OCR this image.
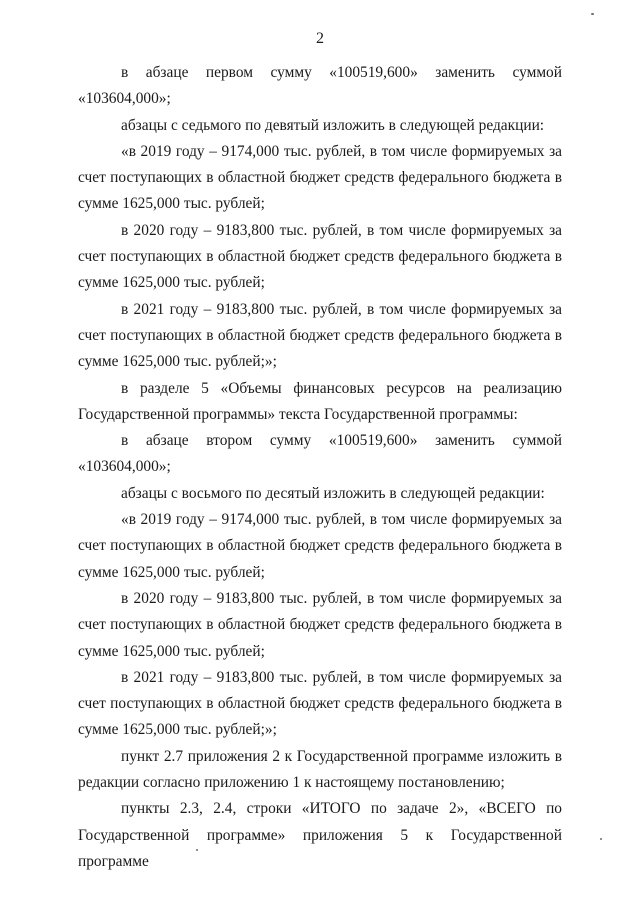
2

в абзаце первом сумму «100519,600» заменить суммой «103604,000»;

абзацы с седьмого по девятый изложить в следующей редакции:

«в 2019 году – 9174,000 тыс. рублей, в том числе формируемых за счет поступающих в областной бюджет средств федерального бюджета в сумме 1625,000 тыс. рублей;

в 2020 году – 9183,800 тыс. рублей, в том числе формируемых за счет поступающих в областной бюджет средств федерального бюджета в сумме 1625,000 тыс. рублей;

в 2021 году – 9183,800 тыс. рублей, в том числе формируемых за счет поступающих в областной бюджет средств федерального бюджета в сумме 1625,000 тыс. рублей;»;

в разделе 5 «Объемы финансовых ресурсов на реализацию Государственной программы» текста Государственной программы:

в абзаце втором сумму «100519,600» заменить суммой «103604,000»;

абзацы с восьмого по десятый изложить в следующей редакции:

«в 2019 году – 9174,000 тыс. рублей, в том числе формируемых за счет поступающих в областной бюджет средств федерального бюджета в сумме 1625,000 тыс. рублей;

в 2020 году – 9183,800 тыс. рублей, в том числе формируемых за счет поступающих в областной бюджет средств федерального бюджета в сумме 1625,000 тыс. рублей;

в 2021 году – 9183,800 тыс. рублей, в том числе формируемых за счет поступающих в областной бюджет средств федерального бюджета в сумме 1625,000 тыс. рублей;»;

пункт 2.7 приложения 2 к Государственной программе изложить в редакции согласно приложению 1 к настоящему постановлению;

пункты 2.3, 2.4, строки «ИТОГО по задаче 2», «ВСЕГО по Государственной программе» приложения 5 к Государственной программе
